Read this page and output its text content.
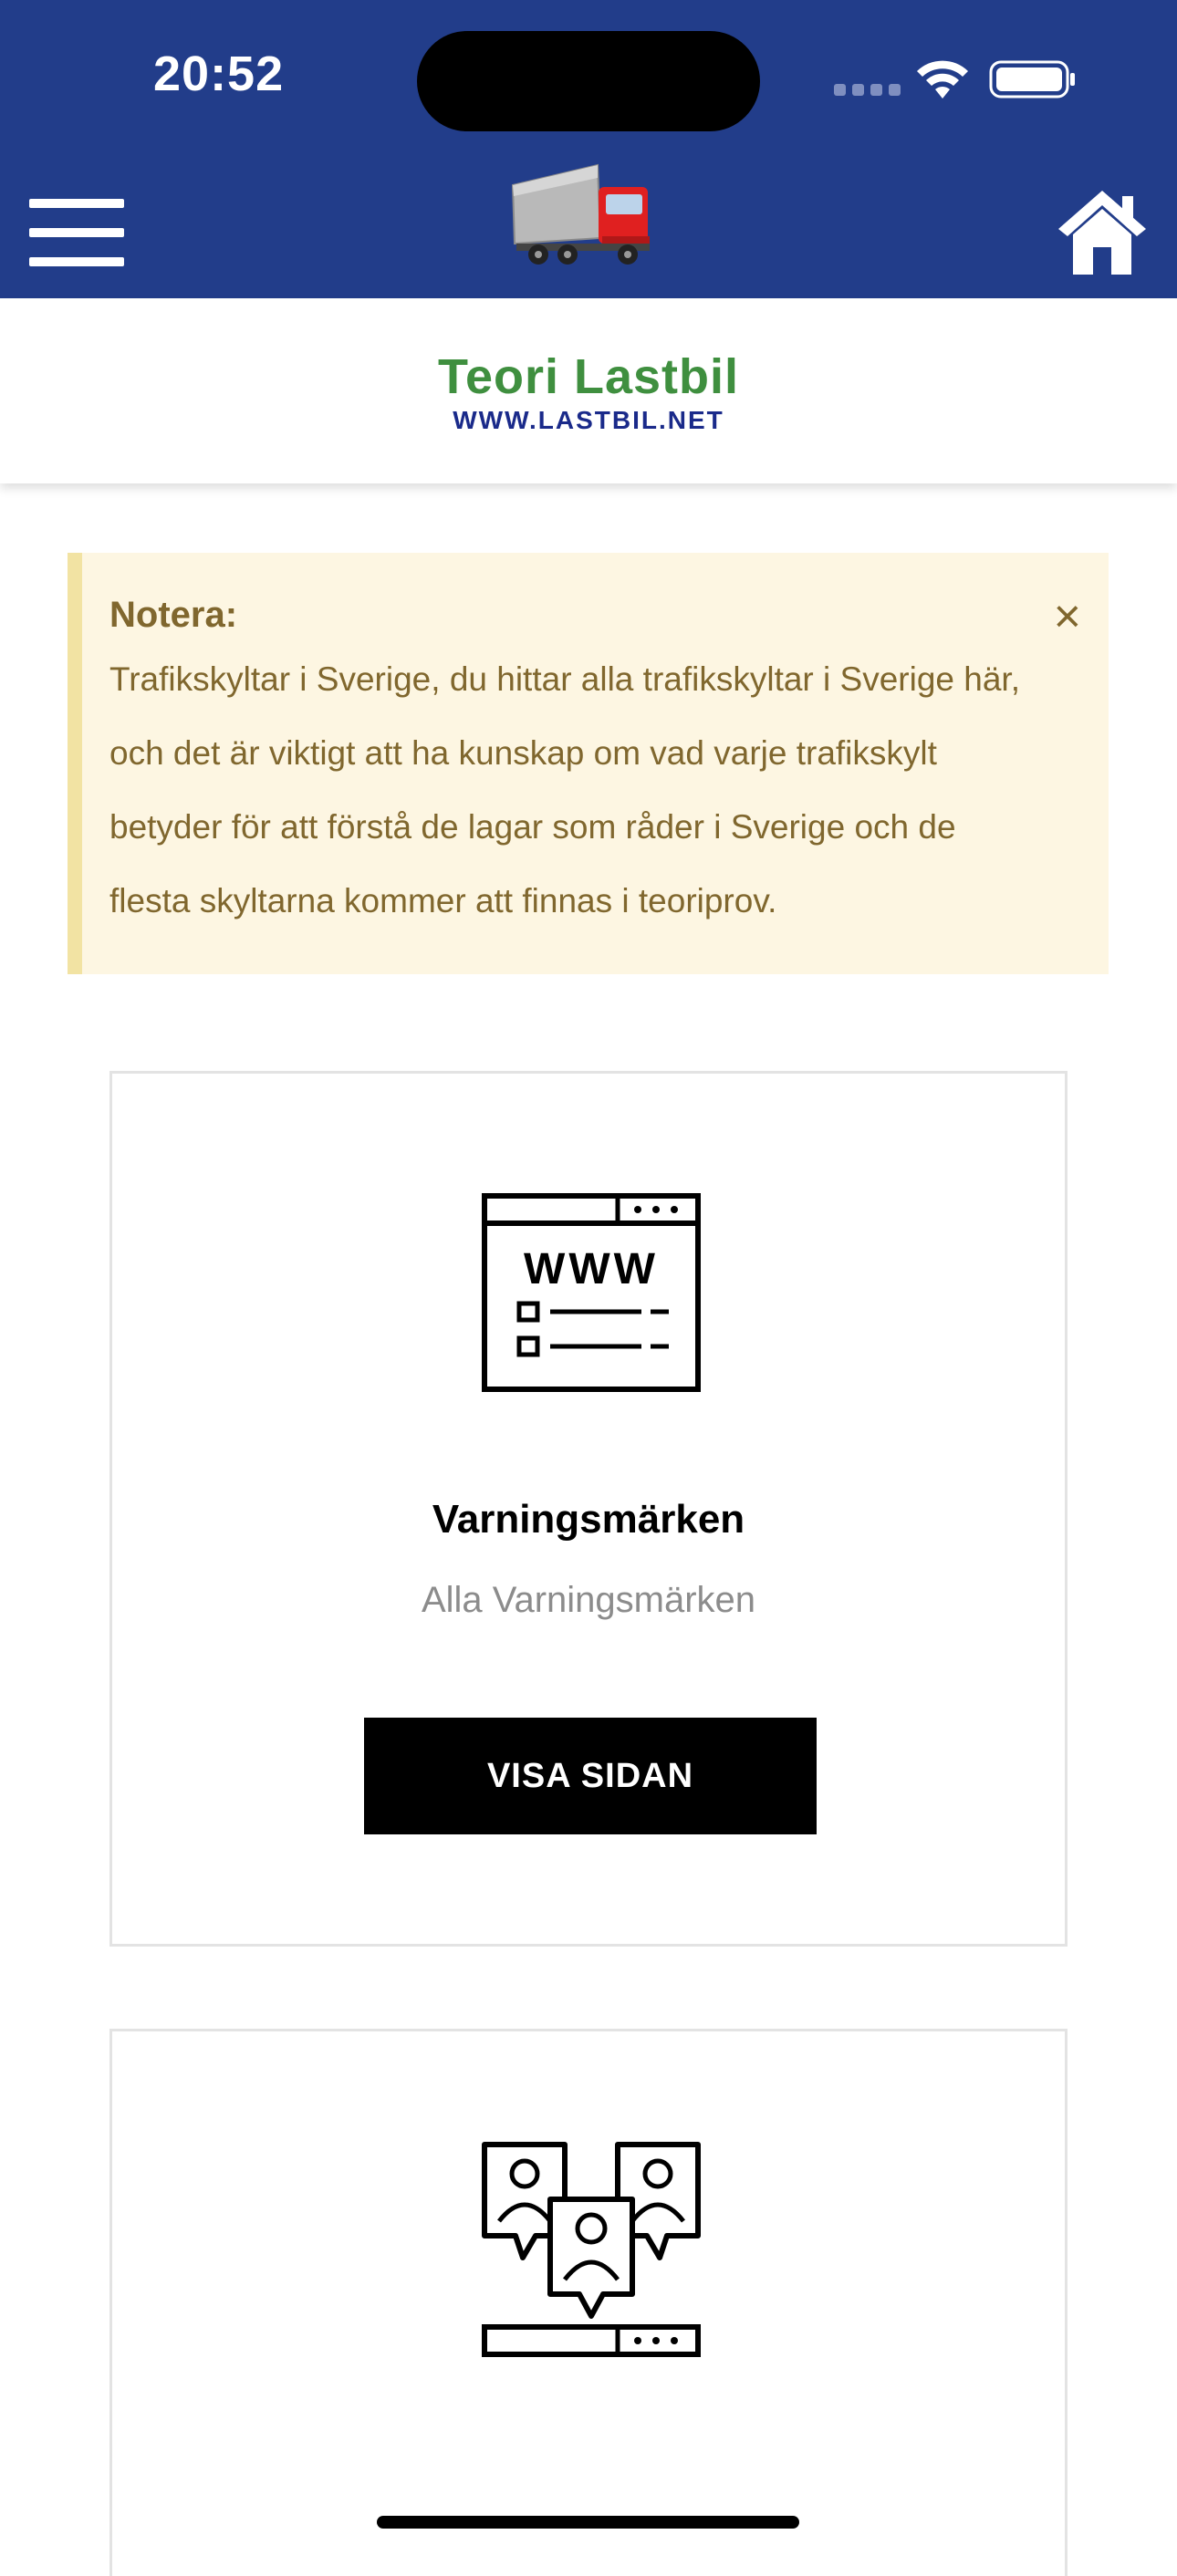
20:52
Teori Lastbil
WWW.LASTBIL.NET
Notera:	×
Trafikskyltar i Sverige, du hittar alla trafikskyltar i Sverige här,
och det är viktigt att ha kunskap om vad varje trafikskylt
betyder för att förstå de lagar som råder i Sverige och de
flesta skyltarna kommer att finnas i teoriprov.
WWW
Varningsmärken
Alla Varningsmärken
VISA SIDAN
